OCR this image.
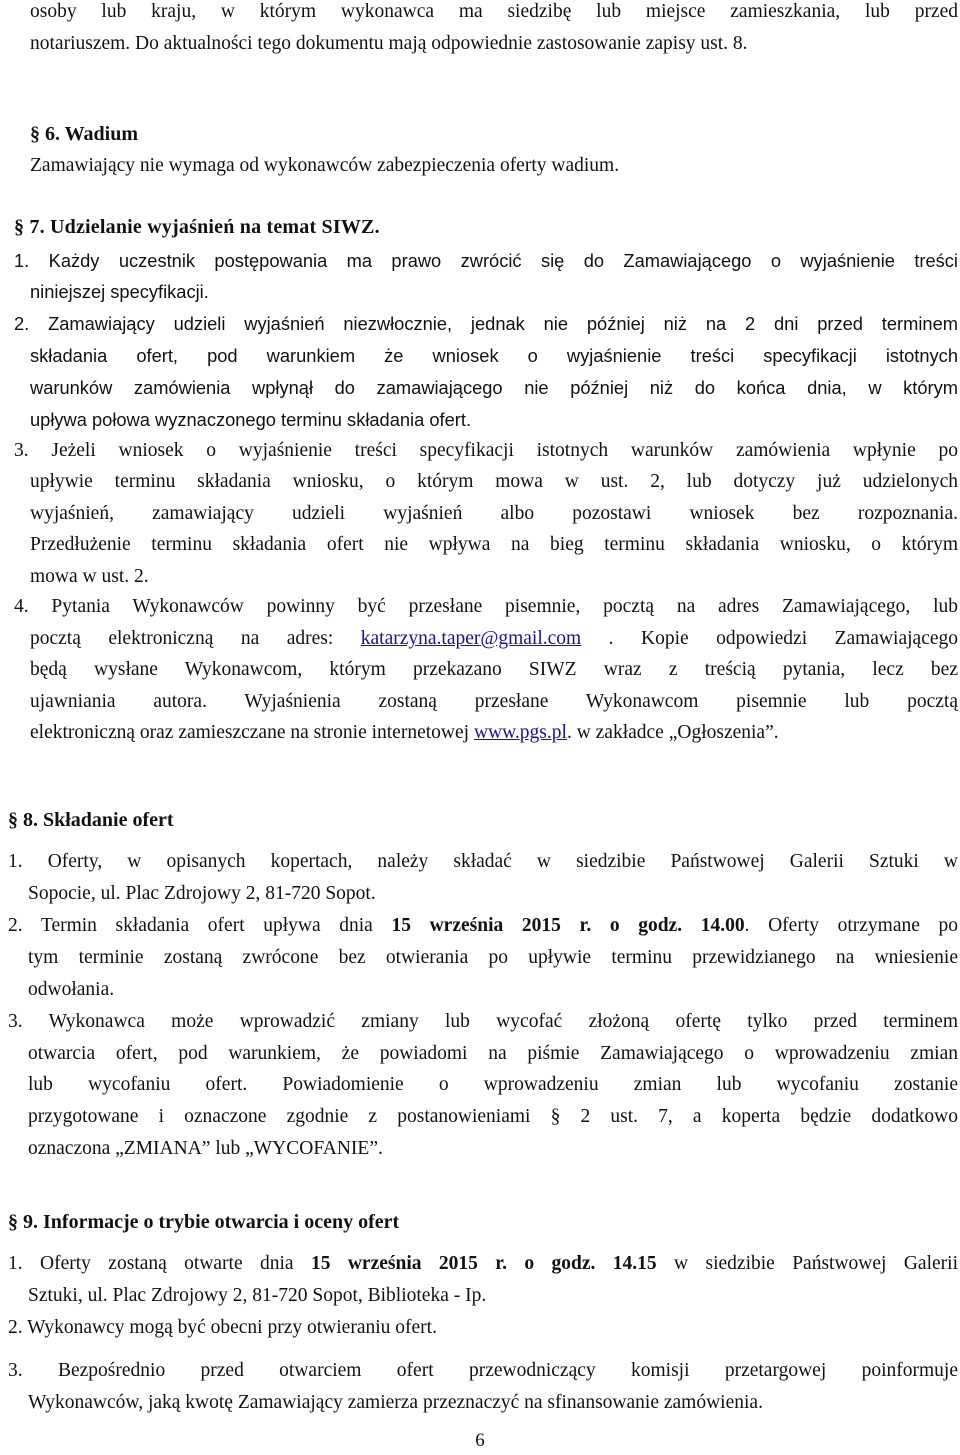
osoby lub kraju, w którym wykonawca ma siedzibę lub miejsce zamieszkania, lub przed
notariuszem. Do aktualności tego dokumentu mają odpowiednie zastosowanie zapisy ust. 8.
§ 6. Wadium
Zamawiający nie wymaga od wykonawców zabezpieczenia oferty wadium.
§ 7. Udzielanie wyjaśnień na temat SIWZ.
1. Każdy uczestnik postępowania ma prawo zwrócić się do Zamawiającego o wyjaśnienie treści
niniejszej specyfikacji.
2. Zamawiający udzieli wyjaśnień niezwłocznie, jednak nie później niż na 2 dni przed terminem
składania ofert, pod warunkiem że wniosek o wyjaśnienie treści specyfikacji istotnych
warunków zamówienia wpłynął do zamawiającego nie później niż do końca dnia, w którym
upływa połowa wyznaczonego terminu składania ofert.
3. Jeżeli wniosek o wyjaśnienie treści specyfikacji istotnych warunków zamówienia wpłynie po
upływie terminu składania wniosku, o którym mowa w ust. 2, lub dotyczy już udzielonych
wyjaśnień, zamawiający udzieli wyjaśnień albo pozostawi wniosek bez rozpoznania.
Przedłużenie terminu składania ofert nie wpływa na bieg terminu składania wniosku, o którym
mowa w ust. 2.
4. Pytania Wykonawców powinny być przesłane pisemnie, pocztą na adres Zamawiającego, lub
pocztą elektroniczną na adres: katarzyna.taper@gmail.com . Kopie odpowiedzi Zamawiającego
będą wysłane Wykonawcom, którym przekazano SIWZ wraz z treścią pytania, lecz bez
ujawniania autora. Wyjaśnienia zostaną przesłane Wykonawcom pisemnie lub pocztą
elektroniczną oraz zamieszczane na stronie internetowej www.pgs.pl. w zakładce „Ogłoszenia”.
§ 8. Składanie ofert
1. Oferty, w opisanych kopertach, należy składać w siedzibie Państwowej Galerii Sztuki w
Sopocie, ul. Plac Zdrojowy 2, 81-720 Sopot.
2. Termin składania ofert upływa dnia 15 września 2015 r. o godz. 14.00. Oferty otrzymane po
tym terminie zostaną zwrócone bez otwierania po upływie terminu przewidzianego na wniesienie
odwołania.
3. Wykonawca może wprowadzić zmiany lub wycofać złożoną ofertę tylko przed terminem
otwarcia ofert, pod warunkiem, że powiadomi na piśmie Zamawiającego o wprowadzeniu zmian
lub wycofaniu ofert. Powiadomienie o wprowadzeniu zmian lub wycofaniu zostanie
przygotowane i oznaczone zgodnie z postanowieniami § 2 ust. 7, a koperta będzie dodatkowo
oznaczona „ZMIANA” lub „WYCOFANIE”.
§ 9. Informacje o trybie otwarcia i oceny ofert
1. Oferty zostaną otwarte dnia 15 września 2015 r. o godz. 14.15 w siedzibie Państwowej Galerii
Sztuki, ul. Plac Zdrojowy 2, 81-720 Sopot, Biblioteka - Ip.
2. Wykonawcy mogą być obecni przy otwieraniu ofert.
3. Bezpośrednio przed otwarciem ofert przewodniczący komisji przetargowej poinformuje
Wykonawców, jaką kwotę Zamawiający zamierza przeznaczyć na sfinansowanie zamówienia.
6
